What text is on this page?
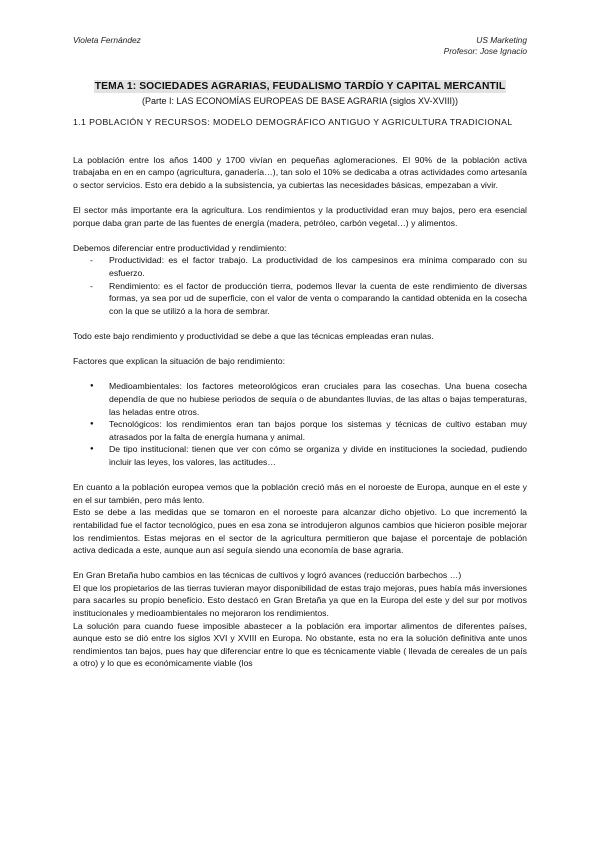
Violeta Fernández	US Marketing
Profesor: Jose Ignacio
TEMA 1: SOCIEDADES AGRARIAS, FEUDALISMO TARDÍO Y CAPITAL MERCANTIL
(Parte I: LAS ECONOMÍAS EUROPEAS DE BASE AGRARIA (siglos XV-XVIII))

1.1 POBLACIÓN Y RECURSOS: MODELO DEMOGRÁFICO ANTIGUO Y AGRICULTURA TRADICIONAL

La población entre los años 1400 y 1700 vivían en pequeñas aglomeraciones. El 90% de la población activa trabajaba en en en campo (agricultura, ganadería…), tan solo el 10% se dedicaba a otras actividades como artesanía o sector servicios. Esto era debido a la subsistencia, ya cubiertas las necesidades básicas, empezaban a vivir.

El sector más importante era la agricultura. Los rendimientos y la productividad eran muy bajos, pero era esencial porque daba gran parte de las fuentes de energía (madera, petróleo, carbón vegetal…) y alimentos.

Debemos diferenciar entre productividad y rendimiento:

- Productividad: es el factor trabajo. La productividad de los campesinos era mínima comparado con su esfuerzo.
- Rendimiento: es el factor de producción tierra, podemos llevar la cuenta de este rendimiento de diversas formas, ya sea por ud de superficie, con el valor de venta o comparando la cantidad obtenida en la cosecha con la que se utilizó a la hora de sembrar.

Todo este bajo rendimiento y productividad se debe a que las técnicas empleadas eran nulas.

Factores que explican la situación de bajo rendimiento:

● Medioambientales: los factores meteorológicos eran cruciales para las cosechas. Una buena cosecha dependía de que no hubiese periodos de sequía o de abundantes lluvias, de las altas o bajas temperaturas, las heladas entre otros.
● Tecnológicos: los rendimientos eran tan bajos porque los sistemas y técnicas de cultivo estaban muy atrasados por la falta de energía humana y animal.
● De tipo institucional: tienen que ver con cómo se organiza y divide en instituciones la sociedad, pudiendo incluir las leyes, los valores, las actitudes…

En cuanto a la población europea vemos que la población creció más en el noroeste de Europa, aunque en el este y en el sur también, pero más lento.

Esto se debe a las medidas que se tomaron en el noroeste para alcanzar dicho objetivo. Lo que incrementó la rentabilidad fue el factor tecnológico, pues en esa zona se introdujeron algunos cambios que hicieron posible mejorar los rendimientos. Estas mejoras en el sector de la agricultura permitieron que bajase el porcentaje de población activa dedicada a este, aunque aun así seguía siendo una economía de base agraria.

En Gran Bretaña hubo cambios en las técnicas de cultivos y logró avances (reducción barbechos …)

El que los propietarios de las tierras tuvieran mayor disponibilidad de estas trajo mejoras, pues había más inversiones para sacarles su propio beneficio. Esto destacó en Gran Bretaña ya que en la Europa del este y del sur por motivos institucionales y medioambientales no mejoraron los rendimientos.

La solución para cuando fuese imposible abastecer a la población era importar alimentos de diferentes países, aunque esto se dió entre los siglos XVI y XVIII en Europa. No obstante, esta no era la solución definitiva ante unos rendimientos tan bajos, pues hay que diferenciar entre lo que es técnicamente viable ( llevada de cereales de un país a otro) y lo que es económicamente viable (los
